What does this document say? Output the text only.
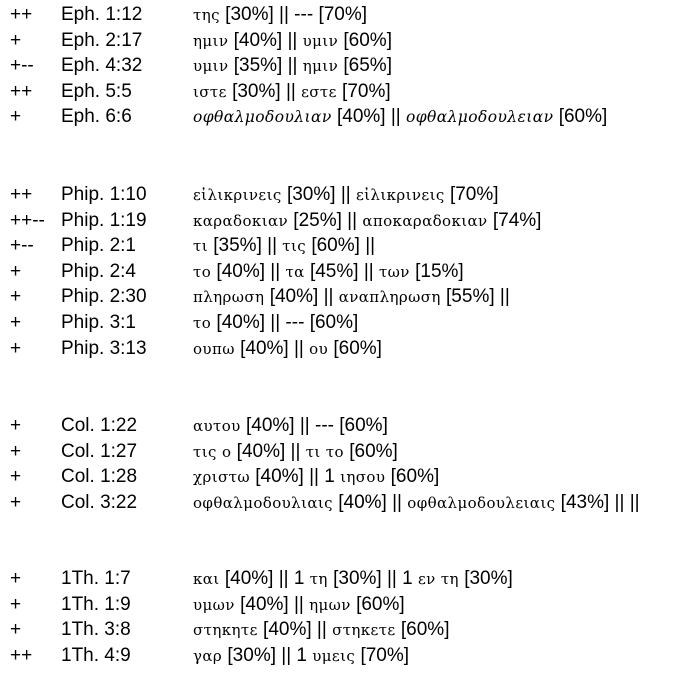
++ Eph. 1:12	της [30%] || --- [70%]
+ Eph. 2:17	ημιν [40%] || υμιν [60%]
+-- Eph. 4:32	υμιν [35%] || ημιν [65%]
++ Eph. 5:5	ιστε [30%] || εστε [70%]
+ Eph. 6:6	οφθαλμοδουλιαν [40%] || οφθαλμοδουλειαν [60%]
++ Phip. 1:10	εἰλικρινεις [30%] || εἰλικρινεις [70%]
++-- Phip. 1:19	καραδοκιαν [25%] || αποκαραδοκιαν [74%]
+-- Phip. 2:1	τι [35%] || τις [60%] ||
+ Phip. 2:4	το [40%] || τα [45%] || των [15%]
+ Phip. 2:30	πληρωση [40%] || αναπληρωση [55%] ||
+ Phip. 3:1	το [40%] || --- [60%]
+ Phip. 3:13	ουπω [40%] || ου [60%]
+ Col. 1:22	αυτου [40%] || --- [60%]
+ Col. 1:27	τις ο [40%] || τι το [60%]
+ Col. 1:28	χριστω [40%] || 1 ιησου [60%]
+ Col. 3:22	οφθαλμοδουλιαις [40%] || οφθαλμοδουλειαις [43%] || ||
+ 1Th. 1:7	και [40%] || 1 τη [30%] || 1 εν τη [30%]
+ 1Th. 1:9	υμων [40%] || ημων [60%]
+ 1Th. 3:8	στηκητε [40%] || στηκετε [60%]
++ 1Th. 4:9	γαρ [30%] || 1 υμεις [70%]
